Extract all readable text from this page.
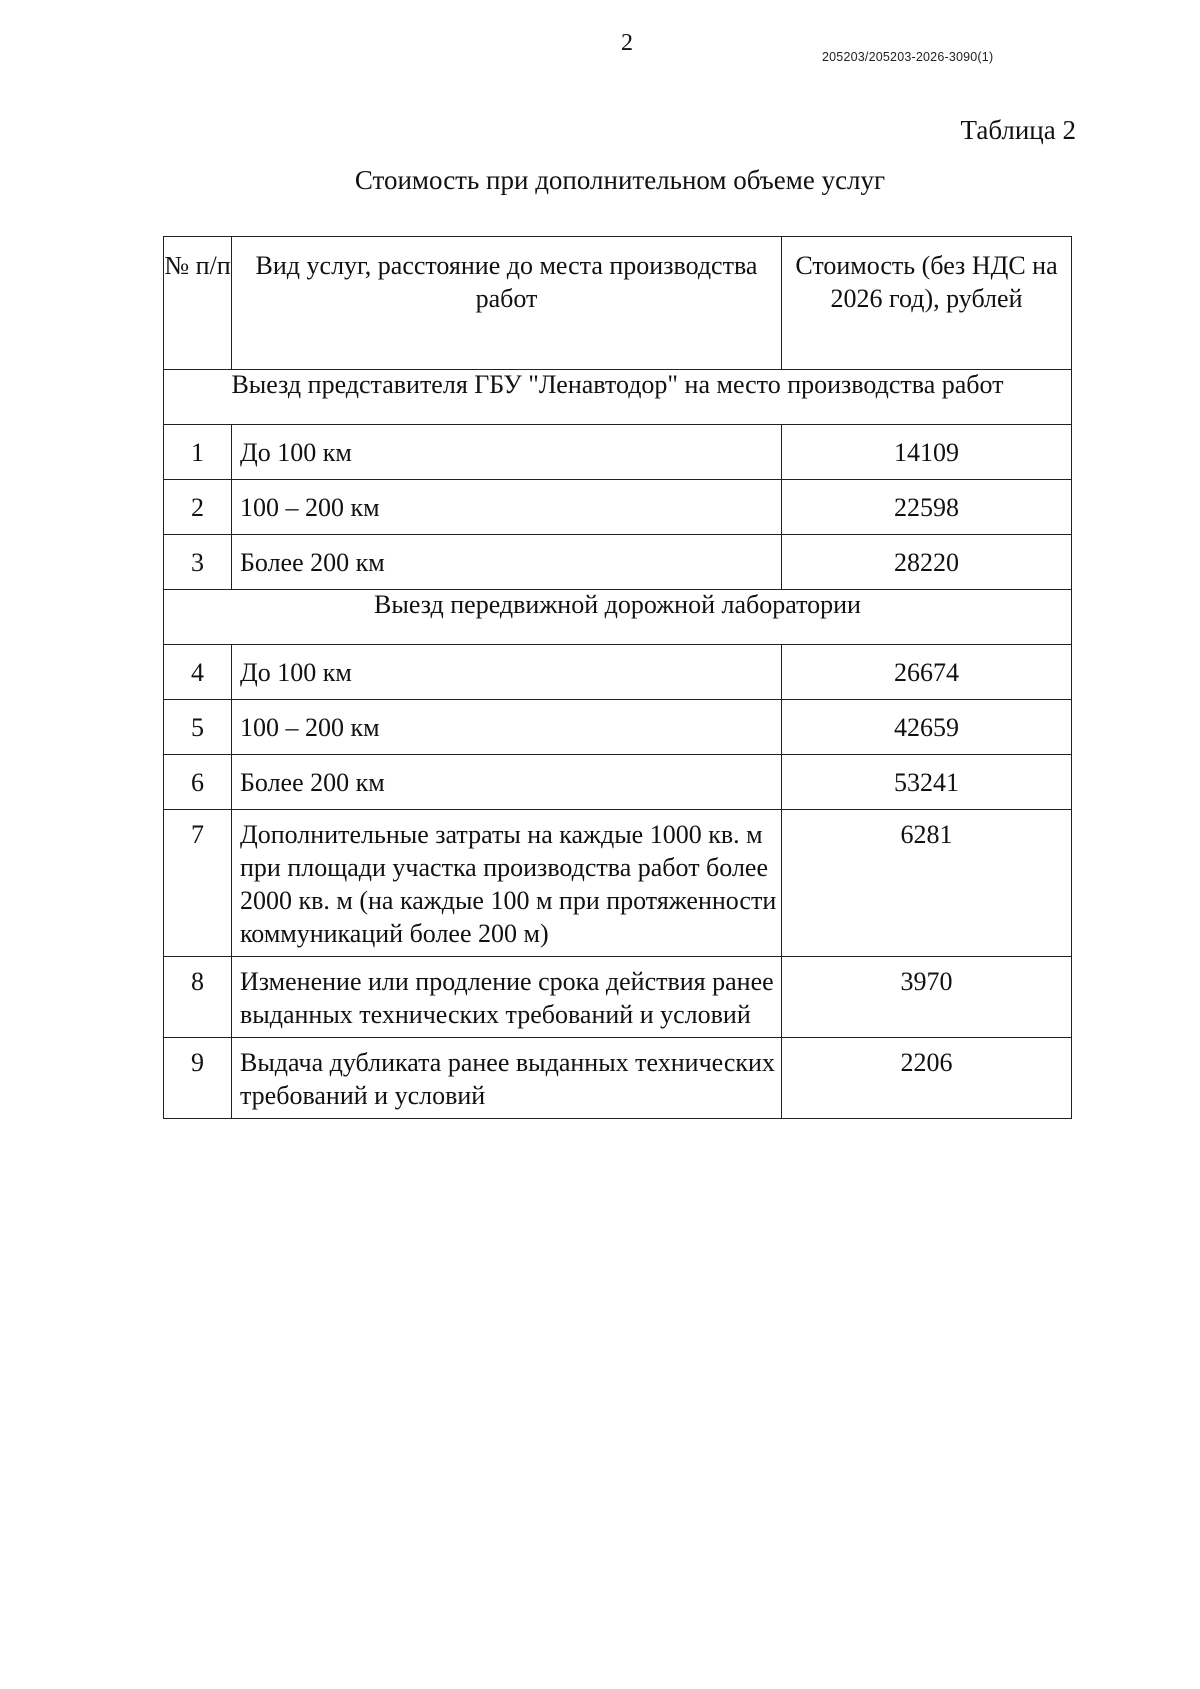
2
205203/205203-2026-3090(1)
Таблица 2
Стоимость при дополнительном объеме услуг
№ п/п	Вид услуг, расстояние до места производства работ	Стоимость (без НДС на 2026 год), рублей
Выезд представителя ГБУ "Ленавтодор" на место производства работ		
1	До 100 км	14109
2	100 – 200 км	22598
3	Более 200 км	28220
Выезд передвижной дорожной лаборатории		
4	До 100 км	26674
5	100 – 200 км	42659
6	Более 200 км	53241
7	Дополнительные затраты на каждые 1000 кв. м при площади участка производства работ более 2000 кв. м (на каждые 100 м при протяженности коммуникаций более 200 м)	6281
8	Изменение или продление срока действия ранее выданных технических требований и условий	3970
9	Выдача дубликата ранее выданных технических требований и условий	2206
